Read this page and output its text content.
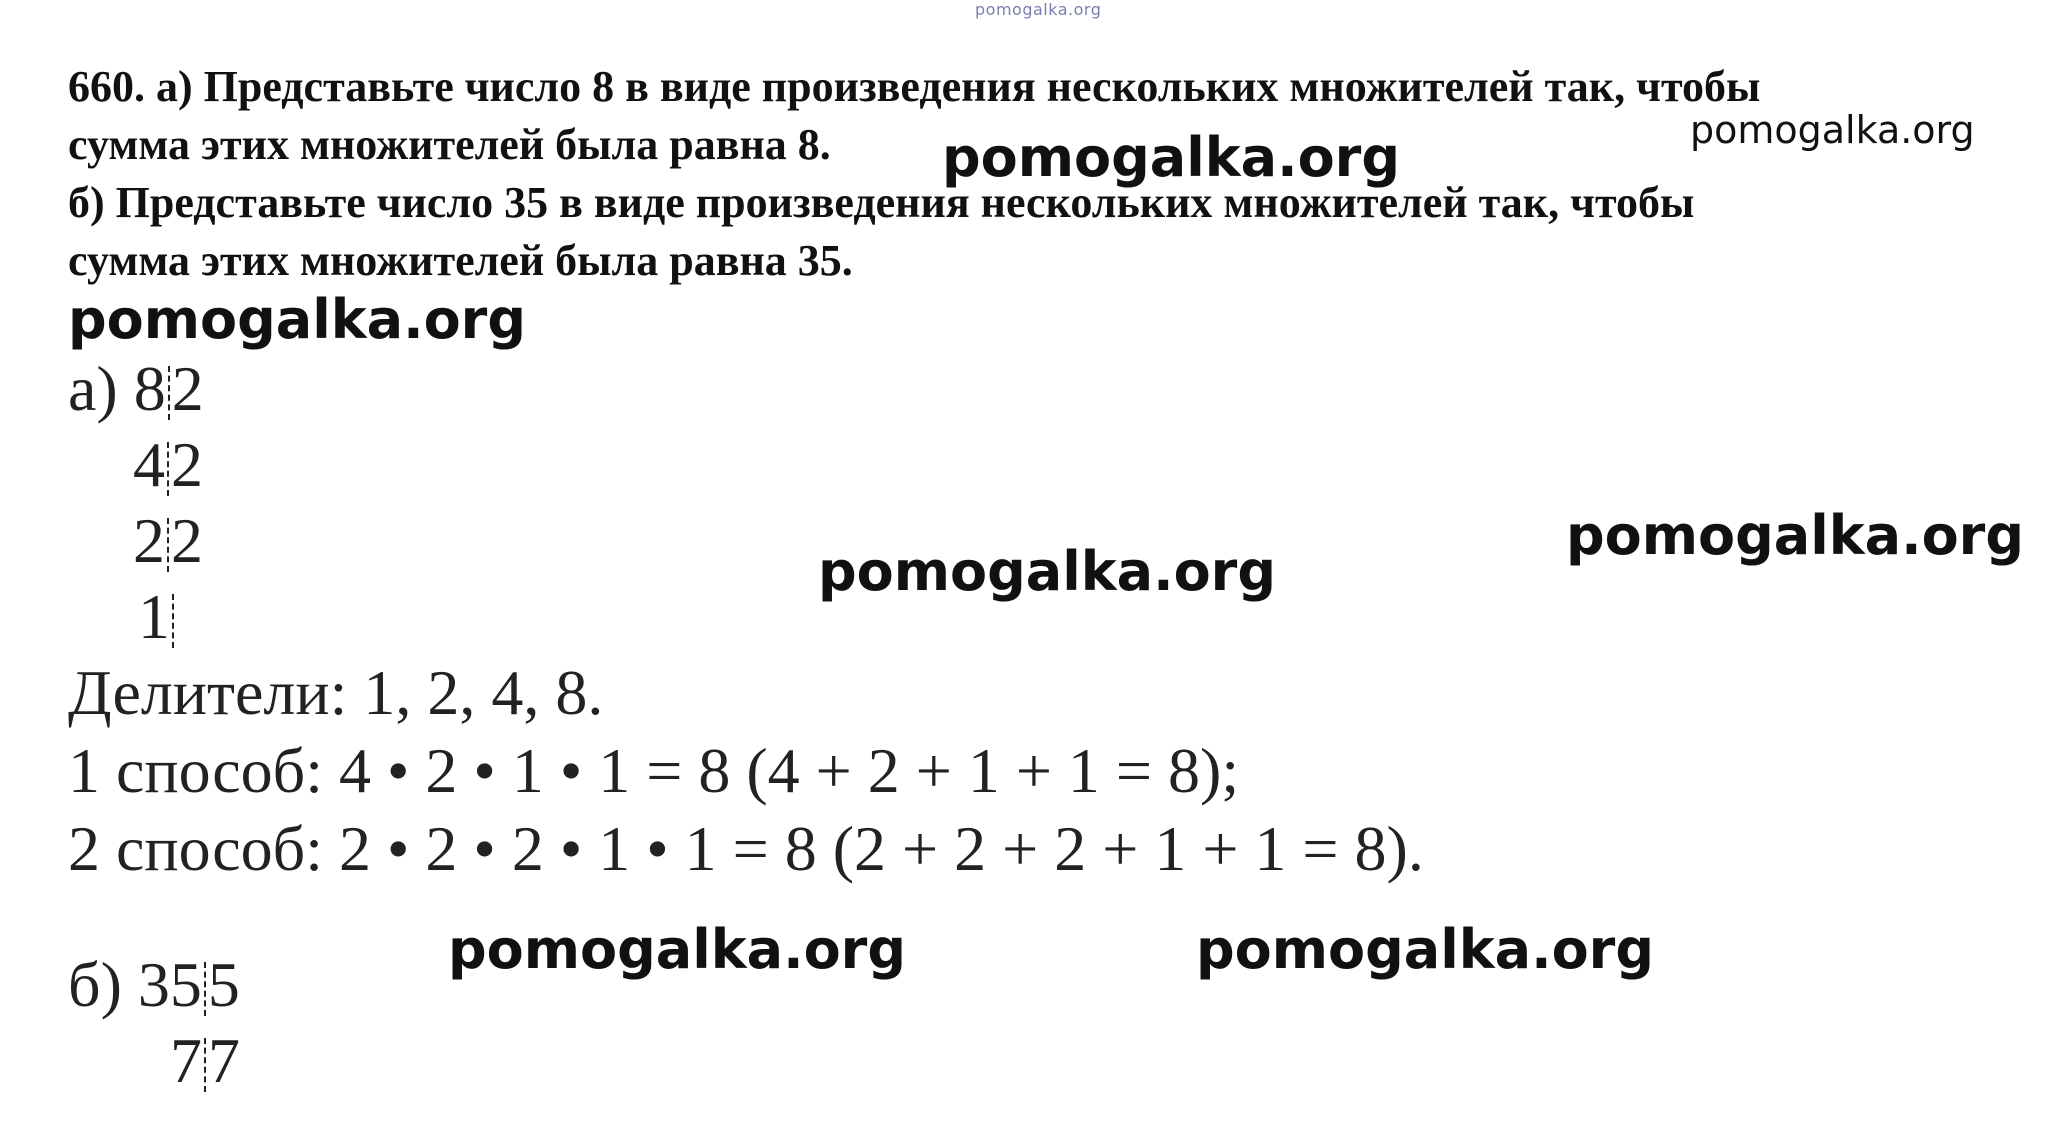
pomogalka.org

660. а) Представьте число 8 в виде произведения нескольких множителей так, чтобы

сумма этих множителей была равна 8.

б) Представьте число 35 в виде произведения нескольких множителей так, чтобы

сумма этих множителей была равна 35.

а) 82
42
22
1
Делители: 1, 2, 4, 8.
1 способ: 4 • 2 • 1 • 1 = 8 (4 + 2 + 1 + 1 = 8);
2 способ: 2 • 2 • 2 • 1 • 1 = 8 (2 + 2 + 2 + 1 + 1 = 8).
б) 355
77
pomogalka.org
pomogalka.org
pomogalka.org
pomogalka.org
pomogalka.org
pomogalka.org	pomogalka.org
